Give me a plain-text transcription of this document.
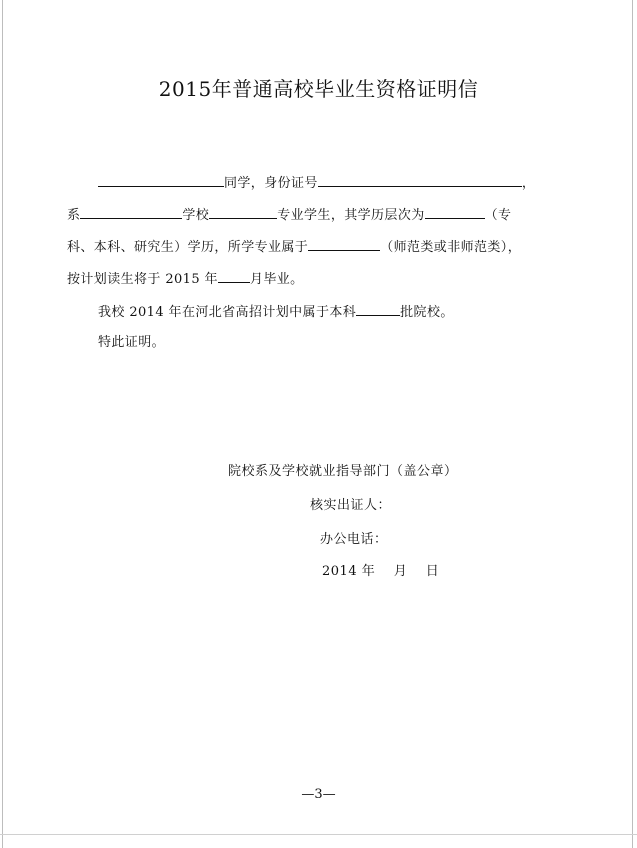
2015年普通高校毕业生资格证明信
同学，身份证号	，
系	学校	专业学生，其学历层次为	（专
科、本科、研究生）学历，所学专业属于	（师范类或非师范类），
按计划读生将于 2015 年 月毕业。
我校 2014 年在河北省高招计划中属于本科	批院校。
特此证明。
院校系及学校就业指导部门（盖公章）
核实出证人：
办公电话：
2014 年    月    日
—3—
